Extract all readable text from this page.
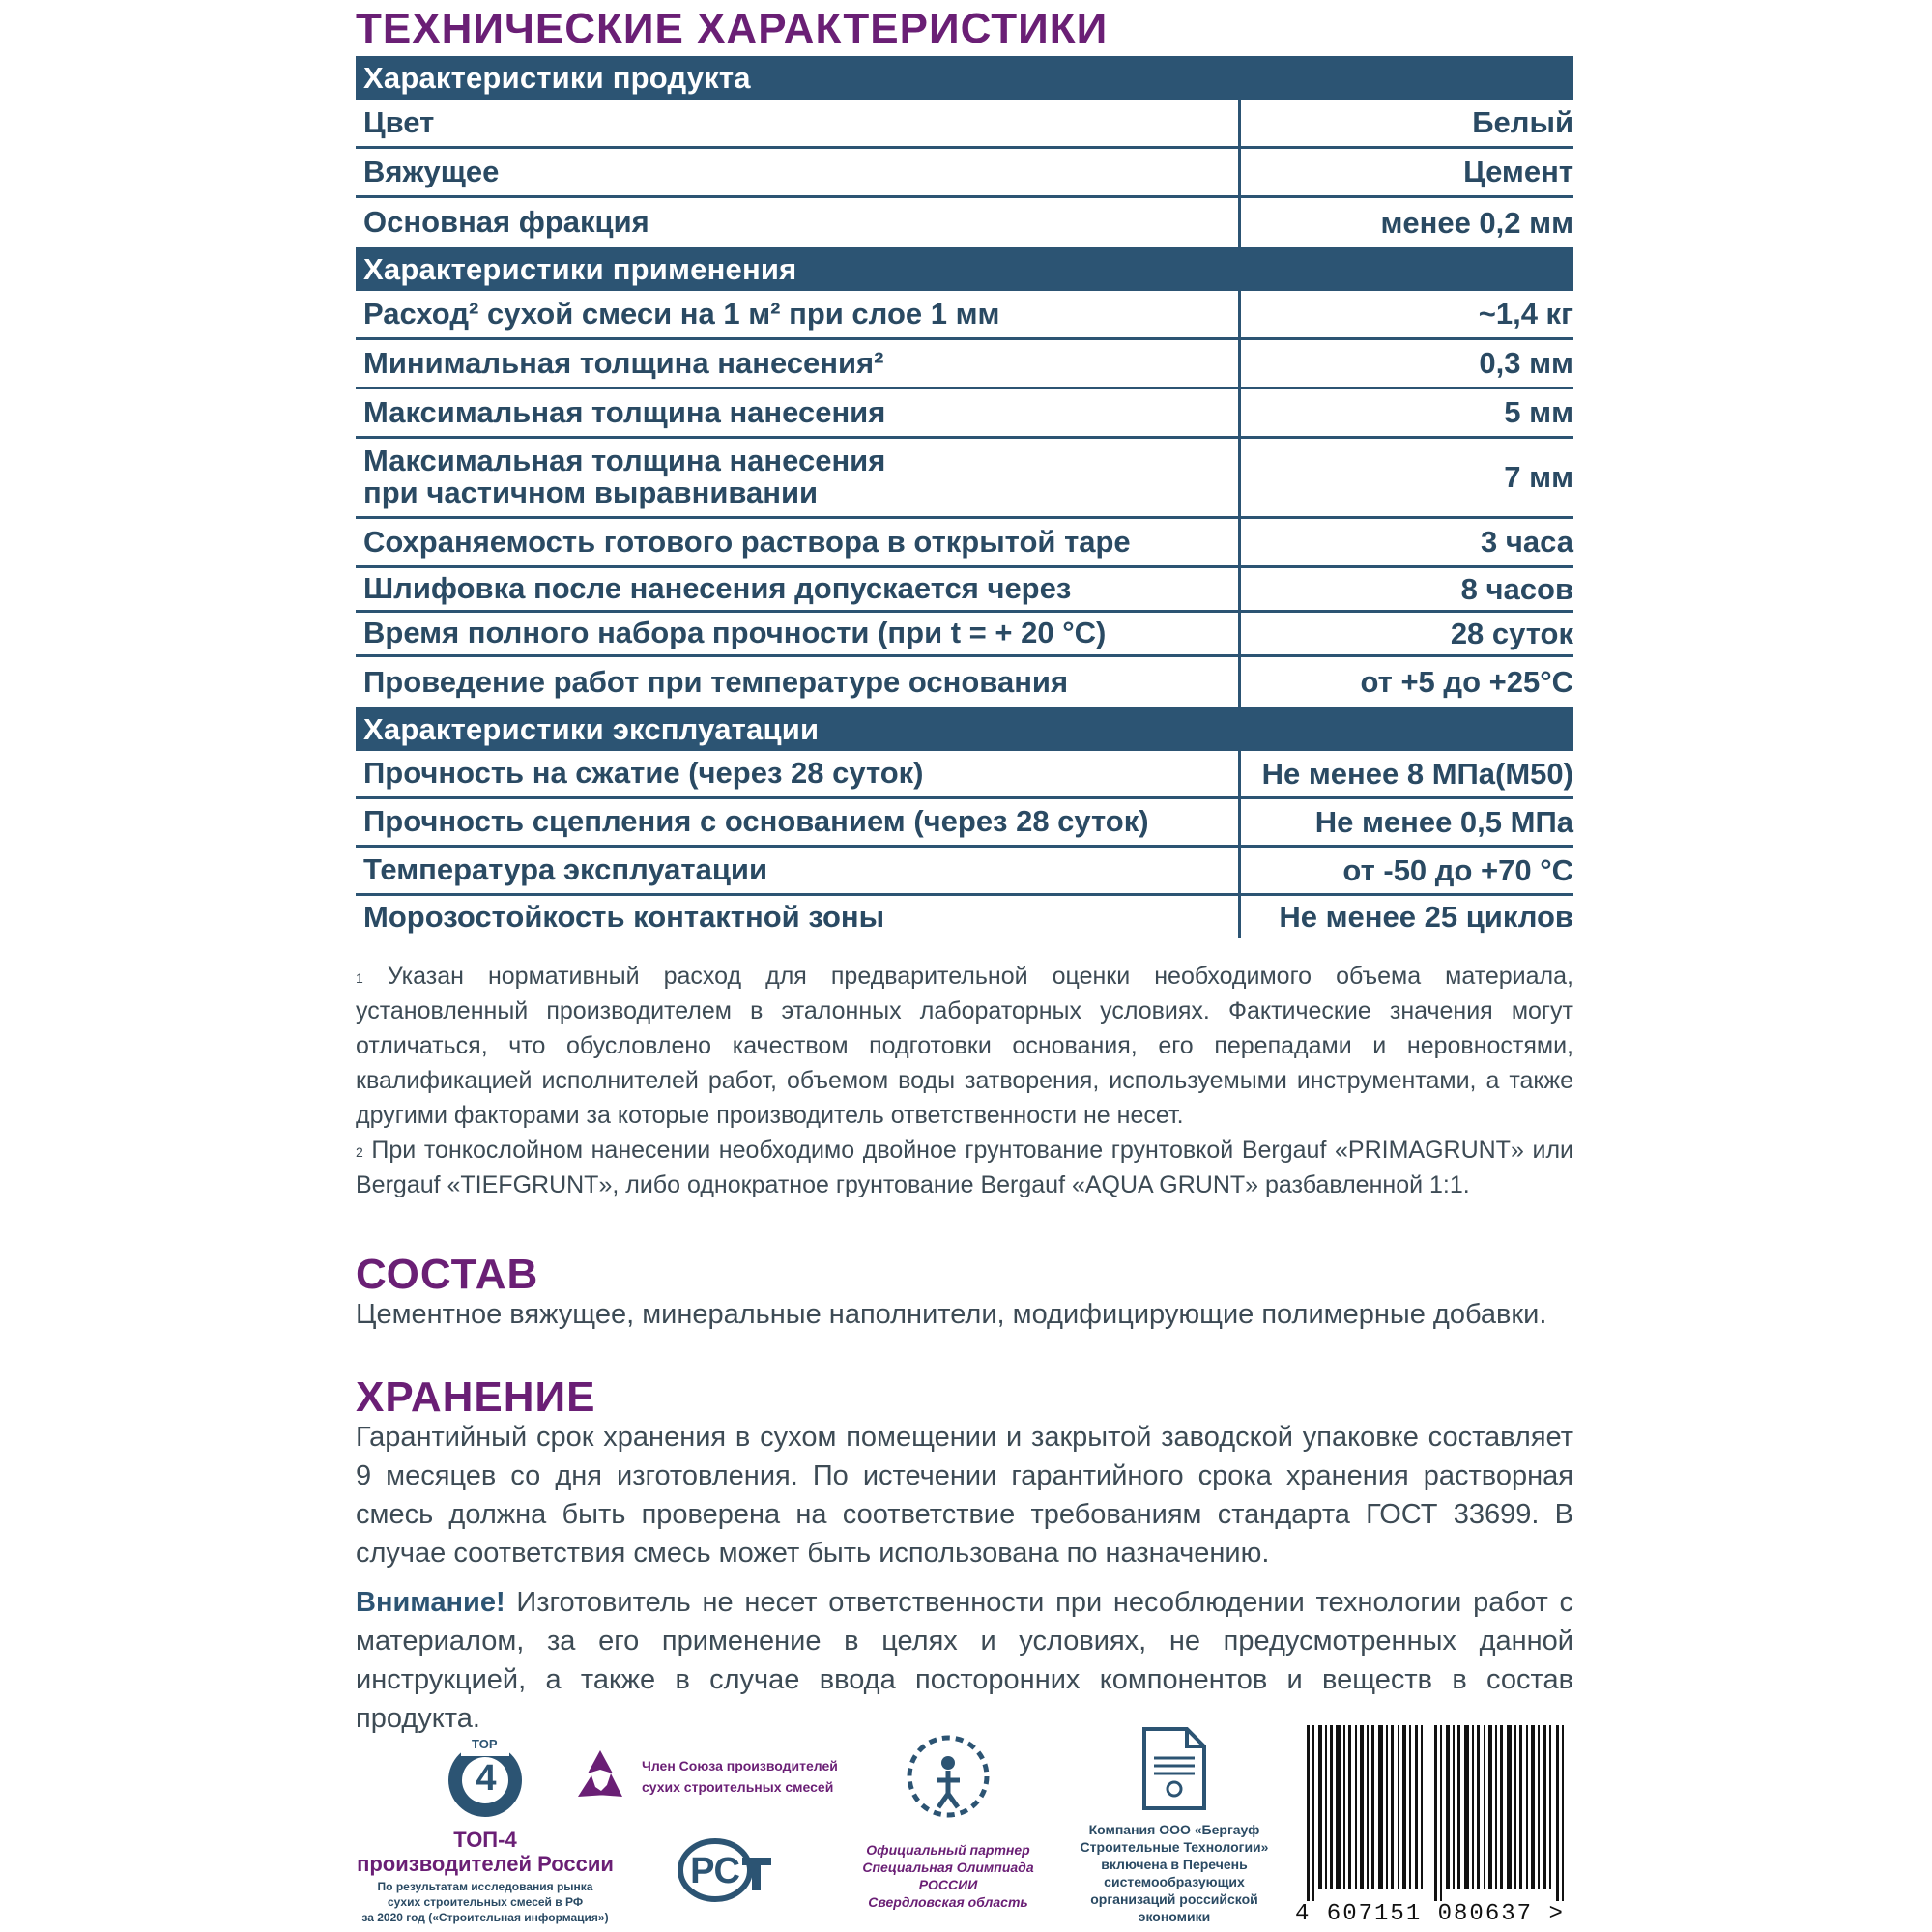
ТЕХНИЧЕСКИЕ ХАРАКТЕРИСТИКИ
Характеристики продукта
Цвет	Белый
Вяжущее	Цемент
Основная фракция	менее 0,2 мм
Характеристики применения
Расход² сухой смеси на 1 м² при слое 1 мм	~1,4 кг
Минимальная толщина нанесения²	0,3 мм
Максимальная толщина нанесения	5 мм
Максимальная толщина нанесения
при частичном выравнивании	7 мм
Сохраняемость готового раствора в открытой таре	3 часа
Шлифовка после нанесения допускается через	8 часов
Время полного набора прочности (при t = + 20 °C)	28 суток
Проведение работ при температуре основания	от +5 до +25°C
Характеристики эксплуатации
Прочность на сжатие (через 28 суток)	Не менее 8 МПа(М50)
Прочность сцепления с основанием (через 28 суток)	Не менее 0,5 МПа
Температура эксплуатации	от -50 до +70 °C
Морозостойкость контактной зоны	Не менее 25 циклов

$^1$ Указан нормативный расход для предварительной оценки необходимого объема материала, установленный производителем в эталонных лабораторных условиях. Фактические значения могут отличаться, что обусловлено качеством подготовки основания, его перепадами и неровностями, квалификацией исполнителей работ, объемом воды затворения, используемыми инструментами, а также другими факторами за которые производитель ответственности не несет.

$^2$ При тонкослойном нанесении необходимо двойное грунтование грунтовкой Bergauf «PRIMAGRUNT» или Bergauf «TIEFGRUNT», либо однократное грунтование Bergauf «AQUA GRUNT» разбавленной 1:1.

СОСТАВ
Цементное вяжущее, минеральные наполнители, модифицирующие полимерные добавки.
ХРАНЕНИЕ
Гарантийный срок хранения в сухом помещении и закрытой заводской упаковке составляет 9 месяцев со дня изготовления. По истечении гарантийного срока хранения растворная смесь должна быть проверена на соответствие требованиям стандарта ГОСТ 33699. В случае соответствия смесь может быть использована по назначению.
Внимание! Изготовитель не несет ответственности при несоблюдении технологии работ с материалом, за его применение в целях и условиях, не предусмотренных данной инструкцией, а также в случае ввода посторонних компонентов и веществ в состав продукта.
TOP
4
ТОП-4
производителей России
По результатам исследования рынка
сухих строительных смесей в РФ
за 2020 год («Строительная информация»)
Член Союза производителей
сухих строительных смесей
РС
Официальный партнер
Специальная Олимпиада
РОССИИ
Свердловская область
Компания ООО «Бергауф
Строительные Технологии»
включена в Перечень
системообразующих
организаций российской
экономики	4 607151 080637 >
